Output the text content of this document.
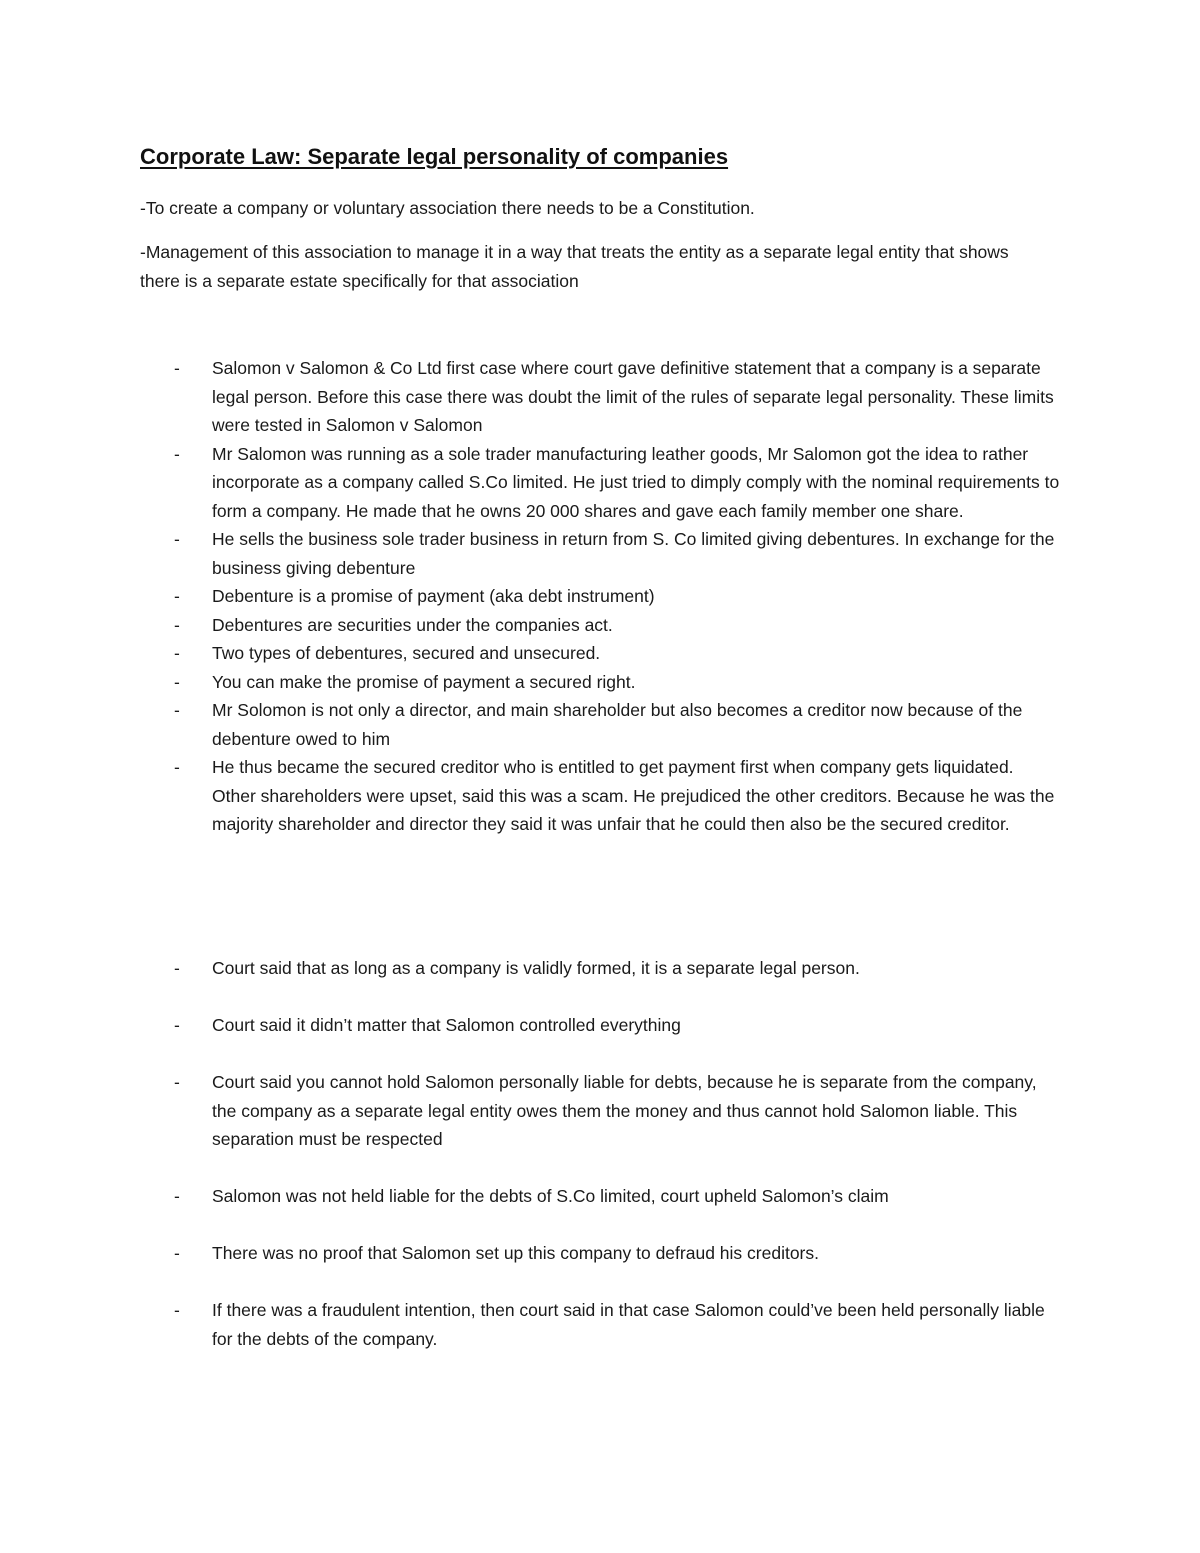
Corporate Law: Separate legal personality of companies

-To create a company or voluntary association there needs to be a Constitution.

-Management of this association to manage it in a way that treats the entity as a separate legal entity that shows there is a separate estate specifically for that association

-	Salomon v Salomon & Co Ltd first case where court gave definitive statement that a company is a separate legal person. Before this case there was doubt the limit of the rules of separate legal personality. These limits were tested in Salomon v Salomon
-	Mr Salomon was running as a sole trader manufacturing leather goods, Mr Salomon got the idea to rather incorporate as a company called S.Co limited. He just tried to dimply comply with the nominal requirements to form a company. He made that he owns 20 000 shares and gave each family member one share.
-	He sells the business sole trader business in return from S. Co limited giving debentures. In exchange for the business giving debenture
-	Debenture is a promise of payment (aka debt instrument)
-	Debentures are securities under the companies act.
-	Two types of debentures, secured and unsecured.
-	You can make the promise of payment a secured right.
-	Mr Solomon is not only a director, and main shareholder but also becomes a creditor now because of the debenture owed to him
-	He thus became the secured creditor who is entitled to get payment first when company gets liquidated. Other shareholders were upset, said this was a scam. He prejudiced the other creditors. Because he was the majority shareholder and director they said it was unfair that he could then also be the secured creditor.
-	Court said that as long as a company is validly formed, it is a separate legal person.
-	Court said it didn’t matter that Salomon controlled everything
-	Court said you cannot hold Salomon personally liable for debts, because he is separate from the company, the company as a separate legal entity owes them the money and thus cannot hold Salomon liable. This separation must be respected
-	Salomon was not held liable for the debts of S.Co limited, court upheld Salomon’s claim
-	There was no proof that Salomon set up this company to defraud his creditors.
-	If there was a fraudulent intention, then court said in that case Salomon could’ve been held personally liable for the debts of the company.
